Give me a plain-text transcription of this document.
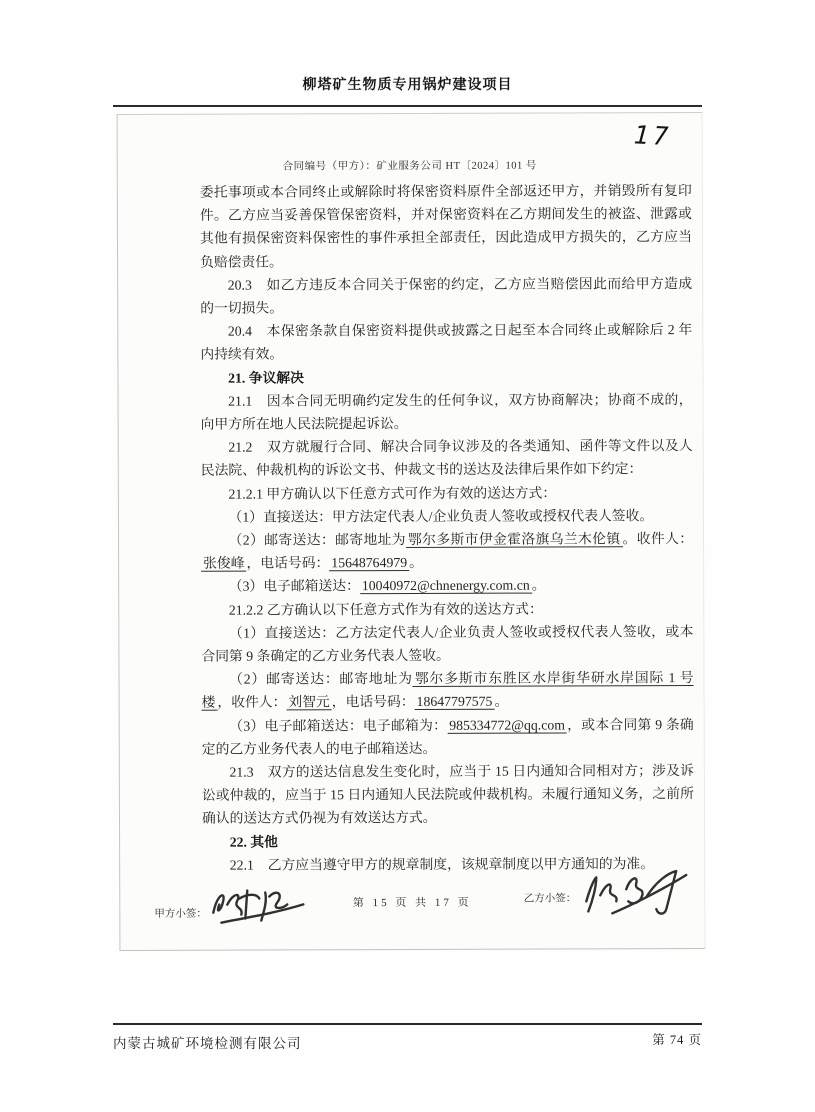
柳塔矿生物质专用锅炉建设项目
17
合同编号（甲方）：矿业服务公司 HT〔2024〕101 号

委托事项或本合同终止或解除时将保密资料原件全部返还甲方，并销毁所有复印件。乙方应当妥善保管保密资料，并对保密资料在乙方期间发生的被盗、泄露或其他有损保密资料保密性的事件承担全部责任，因此造成甲方损失的，乙方应当负赔偿责任。

20.3　如乙方违反本合同关于保密的约定，乙方应当赔偿因此而给甲方造成的一切损失。

20.4　本保密条款自保密资料提供或披露之日起至本合同终止或解除后 2 年内持续有效。

21. 争议解决

21.1　因本合同无明确约定发生的任何争议，双方协商解决；协商不成的，向甲方所在地人民法院提起诉讼。

21.2　双方就履行合同、解决合同争议涉及的各类通知、函件等文件以及人民法院、仲裁机构的诉讼文书、仲裁文书的送达及法律后果作如下约定：

21.2.1 甲方确认以下任意方式可作为有效的送达方式：

（1）直接送达：甲方法定代表人/企业负责人签收或授权代表人签收。

（2）邮寄送达：邮寄地址为 鄂尔多斯市伊金霍洛旗乌兰木伦镇 。收件人：张俊峰 ，电话号码： 15648764979 。

（3）电子邮箱送达： 10040972@chnenergy.com.cn 。

21.2.2 乙方确认以下任意方式作为有效的送达方式：

（1）直接送达：乙方法定代表人/企业负责人签收或授权代表人签收，或本合同第 9 条确定的乙方业务代表人签收。

（2）邮寄送达：邮寄地址为 鄂尔多斯市东胜区水岸街华研水岸国际 1 号楼 ，收件人： 刘智元 ，电话号码： 18647797575 。

（3）电子邮箱送达：电子邮箱为： 985334772@qq.com ，或本合同第 9 条确定的乙方业务代表人的电子邮箱送达。

21.3　双方的送达信息发生变化时，应当于 15 日内通知合同相对方；涉及诉讼或仲裁的，应当于 15 日内通知人民法院或仲裁机构。未履行通知义务，之前所确认的送达方式仍视为有效送达方式。

22. 其他

22.1　乙方应当遵守甲方的规章制度，该规章制度以甲方通知的为准。

甲方小签：
第 15 页 共 17 页	乙方小签：
内蒙古城矿环境检测有限公司	第 74 页
